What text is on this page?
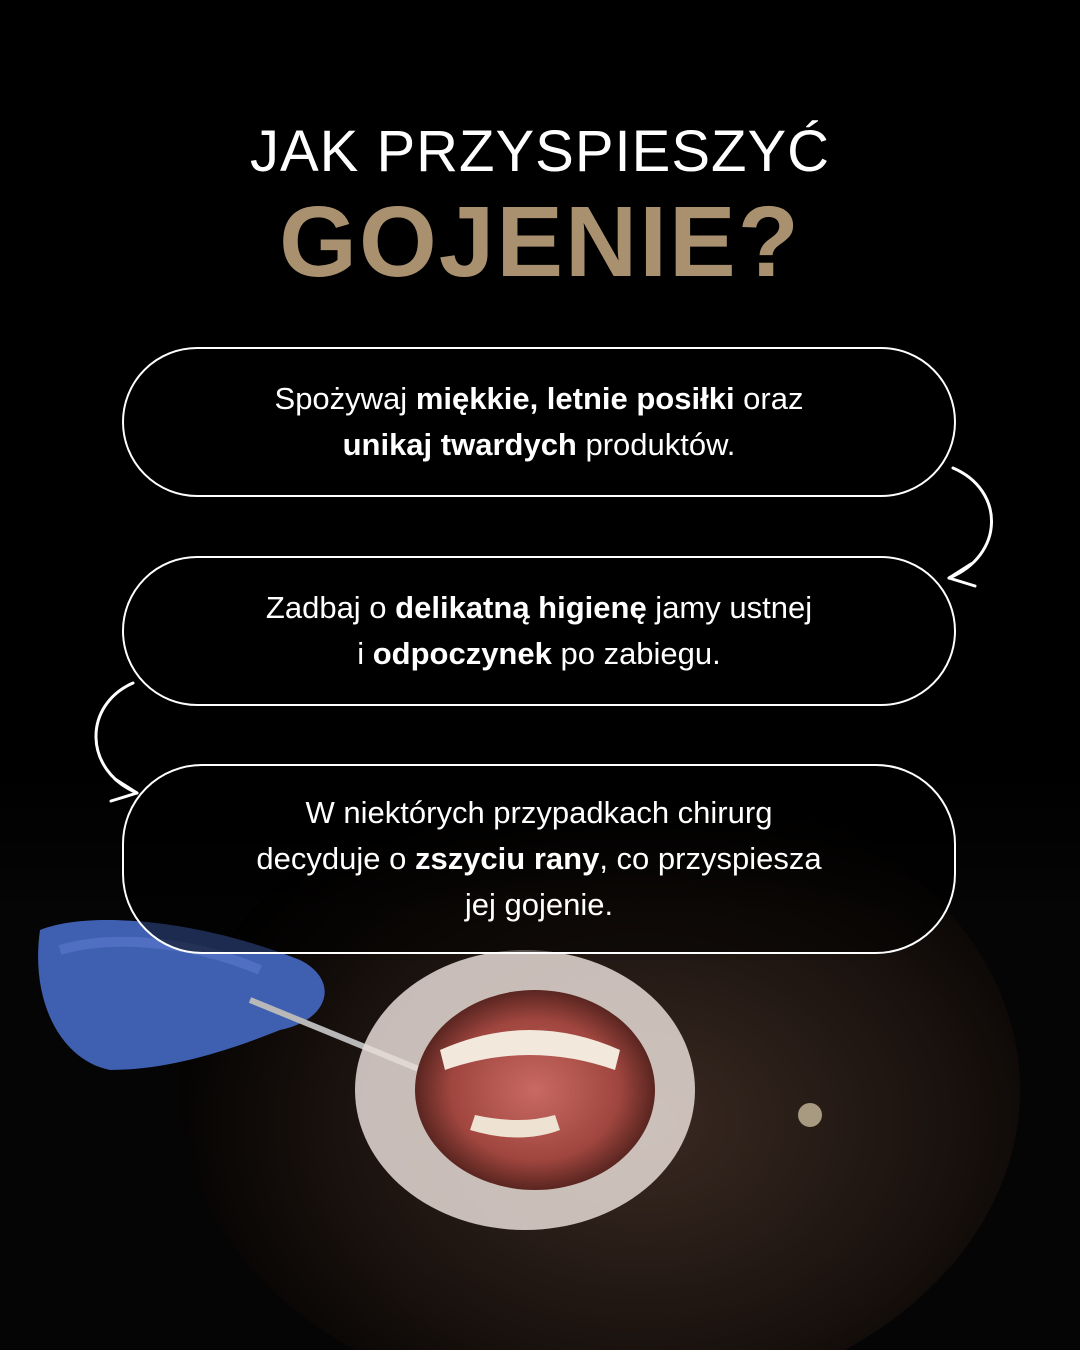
JAK PRZYSPIESZYĆ
GOJENIE?
Spożywaj miękkie, letnie posiłki oraz
unikaj twardych produktów.
Zadbaj o delikatną higienę jamy ustnej
i odpoczynek po zabiegu.
W niektórych przypadkach chirurg
decyduje o zszyciu rany, co przyspiesza
jej gojenie.
